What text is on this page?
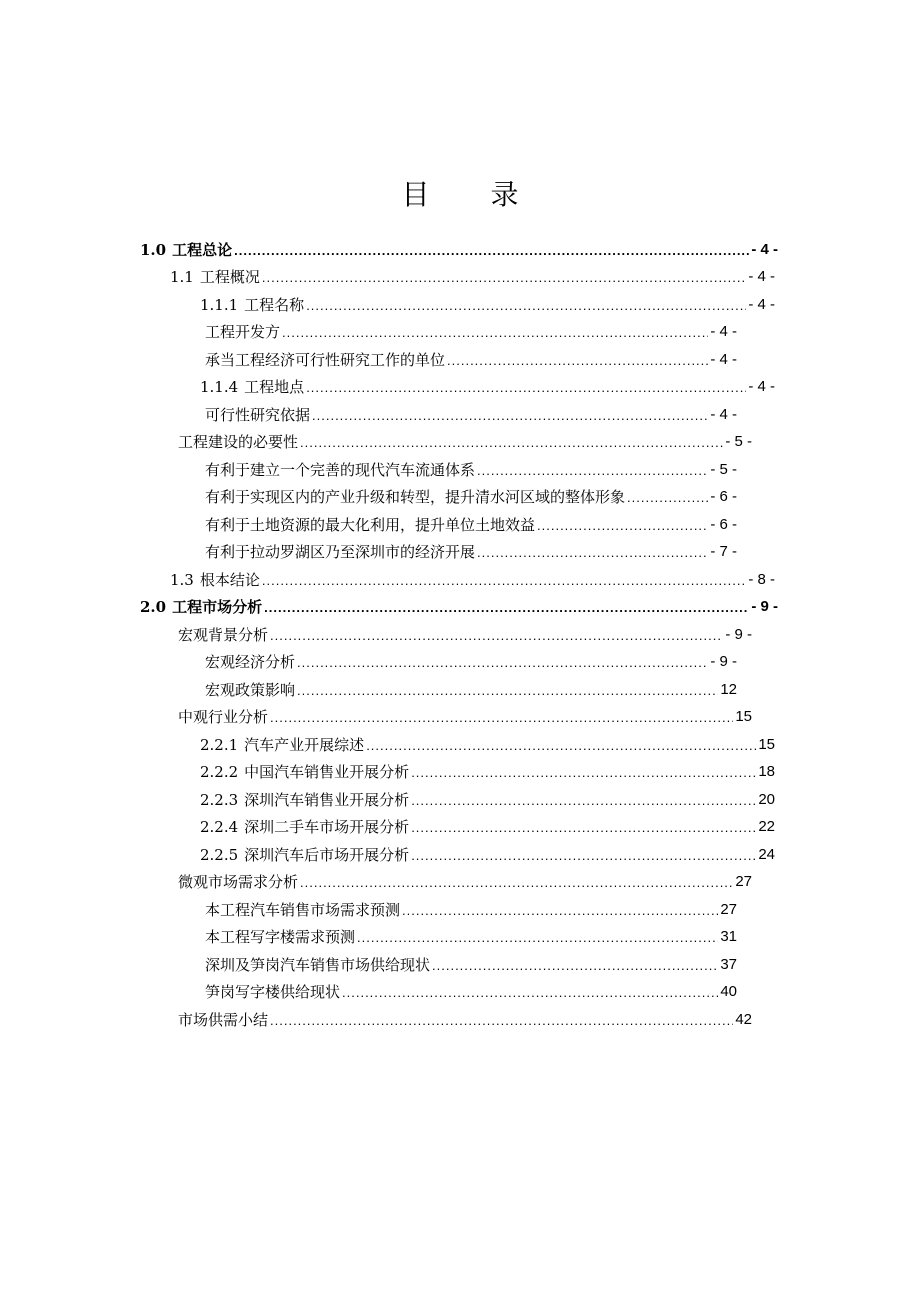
目 录
1.0 工程总论 .....	- 4 -
1.1 工程概况 .....	- 4 -
1.1.1 工程名称 .....	- 4 -
工程开发方 .....	- 4 -
承当工程经济可行性研究工作的单位 .....	- 4 -
1.1.4 工程地点 .....	- 4 -
可行性研究依据 .....	- 4 -
工程建设的必要性 .....	- 5 -
有利于建立一个完善的现代汽车流通体系 .....	- 5 -
有利于实现区内的产业升级和转型，提升清水河区域的整体形象 .....	- 6 -
有利于土地资源的最大化利用，提升单位土地效益 .....	- 6 -
有利于拉动罗湖区乃至深圳市的经济开展 .....	- 7 -
1.3 根本结论 .....	- 8 -
2.0 工程市场分析 .....	- 9 -
宏观背景分析 .....	- 9 -
宏观经济分析 .....	- 9 -
宏观政策影响 .....	12
中观行业分析 .....	15
2.2.1 汽车产业开展综述 .....	15
2.2.2 中国汽车销售业开展分析 .....	18
2.2.3 深圳汽车销售业开展分析 .....	20
2.2.4 深圳二手车市场开展分析 .....	22
2.2.5 深圳汽车后市场开展分析 .....	24
微观市场需求分析 .....	27
本工程汽车销售市场需求预测 .....	27
本工程写字楼需求预测 .....	31
深圳及笋岗汽车销售市场供给现状 .....	37
笋岗写字楼供给现状 .....	40
市场供需小结 .....	42
